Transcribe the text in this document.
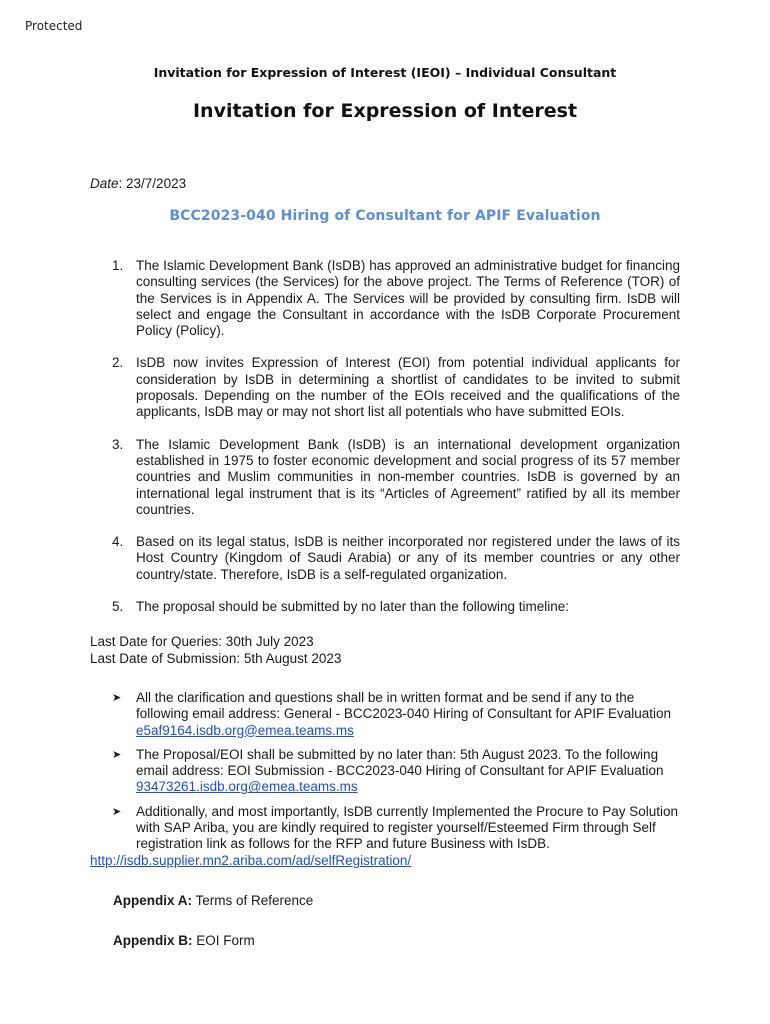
Protected
Invitation for Expression of Interest (IEOI) – Individual Consultant
Invitation for Expression of Interest
Date: 23/7/2023
BCC2023-040 Hiring of Consultant for APIF Evaluation
1. The Islamic Development Bank (IsDB) has approved an administrative budget for financing consulting services (the Services) for the above project. The Terms of Reference (TOR) of the Services is in Appendix A. The Services will be provided by consulting firm. IsDB will select and engage the Consultant in accordance with the IsDB Corporate Procurement Policy (Policy).
2. IsDB now invites Expression of Interest (EOI) from potential individual applicants for consideration by IsDB in determining a shortlist of candidates to be invited to submit proposals. Depending on the number of the EOIs received and the qualifications of the applicants, IsDB may or may not short list all potentials who have submitted EOIs.
3. The Islamic Development Bank (IsDB) is an international development organization established in 1975 to foster economic development and social progress of its 57 member countries and Muslim communities in non-member countries. IsDB is governed by an international legal instrument that is its “Articles of Agreement” ratified by all its member countries.
4. Based on its legal status, IsDB is neither incorporated nor registered under the laws of its Host Country (Kingdom of Saudi Arabia) or any of its member countries or any other country/state. Therefore, IsDB is a self-regulated organization.
5. The proposal should be submitted by no later than the following timeline:
Last Date for Queries: 30th July 2023
Last Date of Submission: 5th August 2023
➤ All the clarification and questions shall be in written format and be send if any to the following email address: General - BCC2023-040 Hiring of Consultant for APIF Evaluation e5af9164.isdb.org@emea.teams.ms
➤ The Proposal/EOI shall be submitted by no later than: 5th August 2023. To the following email address: EOI Submission - BCC2023-040 Hiring of Consultant for APIF Evaluation 93473261.isdb.org@emea.teams.ms
➤ Additionally, and most importantly, IsDB currently Implemented the Procure to Pay Solution with SAP Ariba, you are kindly required to register yourself/Esteemed Firm through Self registration link as follows for the RFP and future Business with IsDB.
http://isdb.supplier.mn2.ariba.com/ad/selfRegistration/
Appendix A: Terms of Reference
Appendix B: EOI Form
